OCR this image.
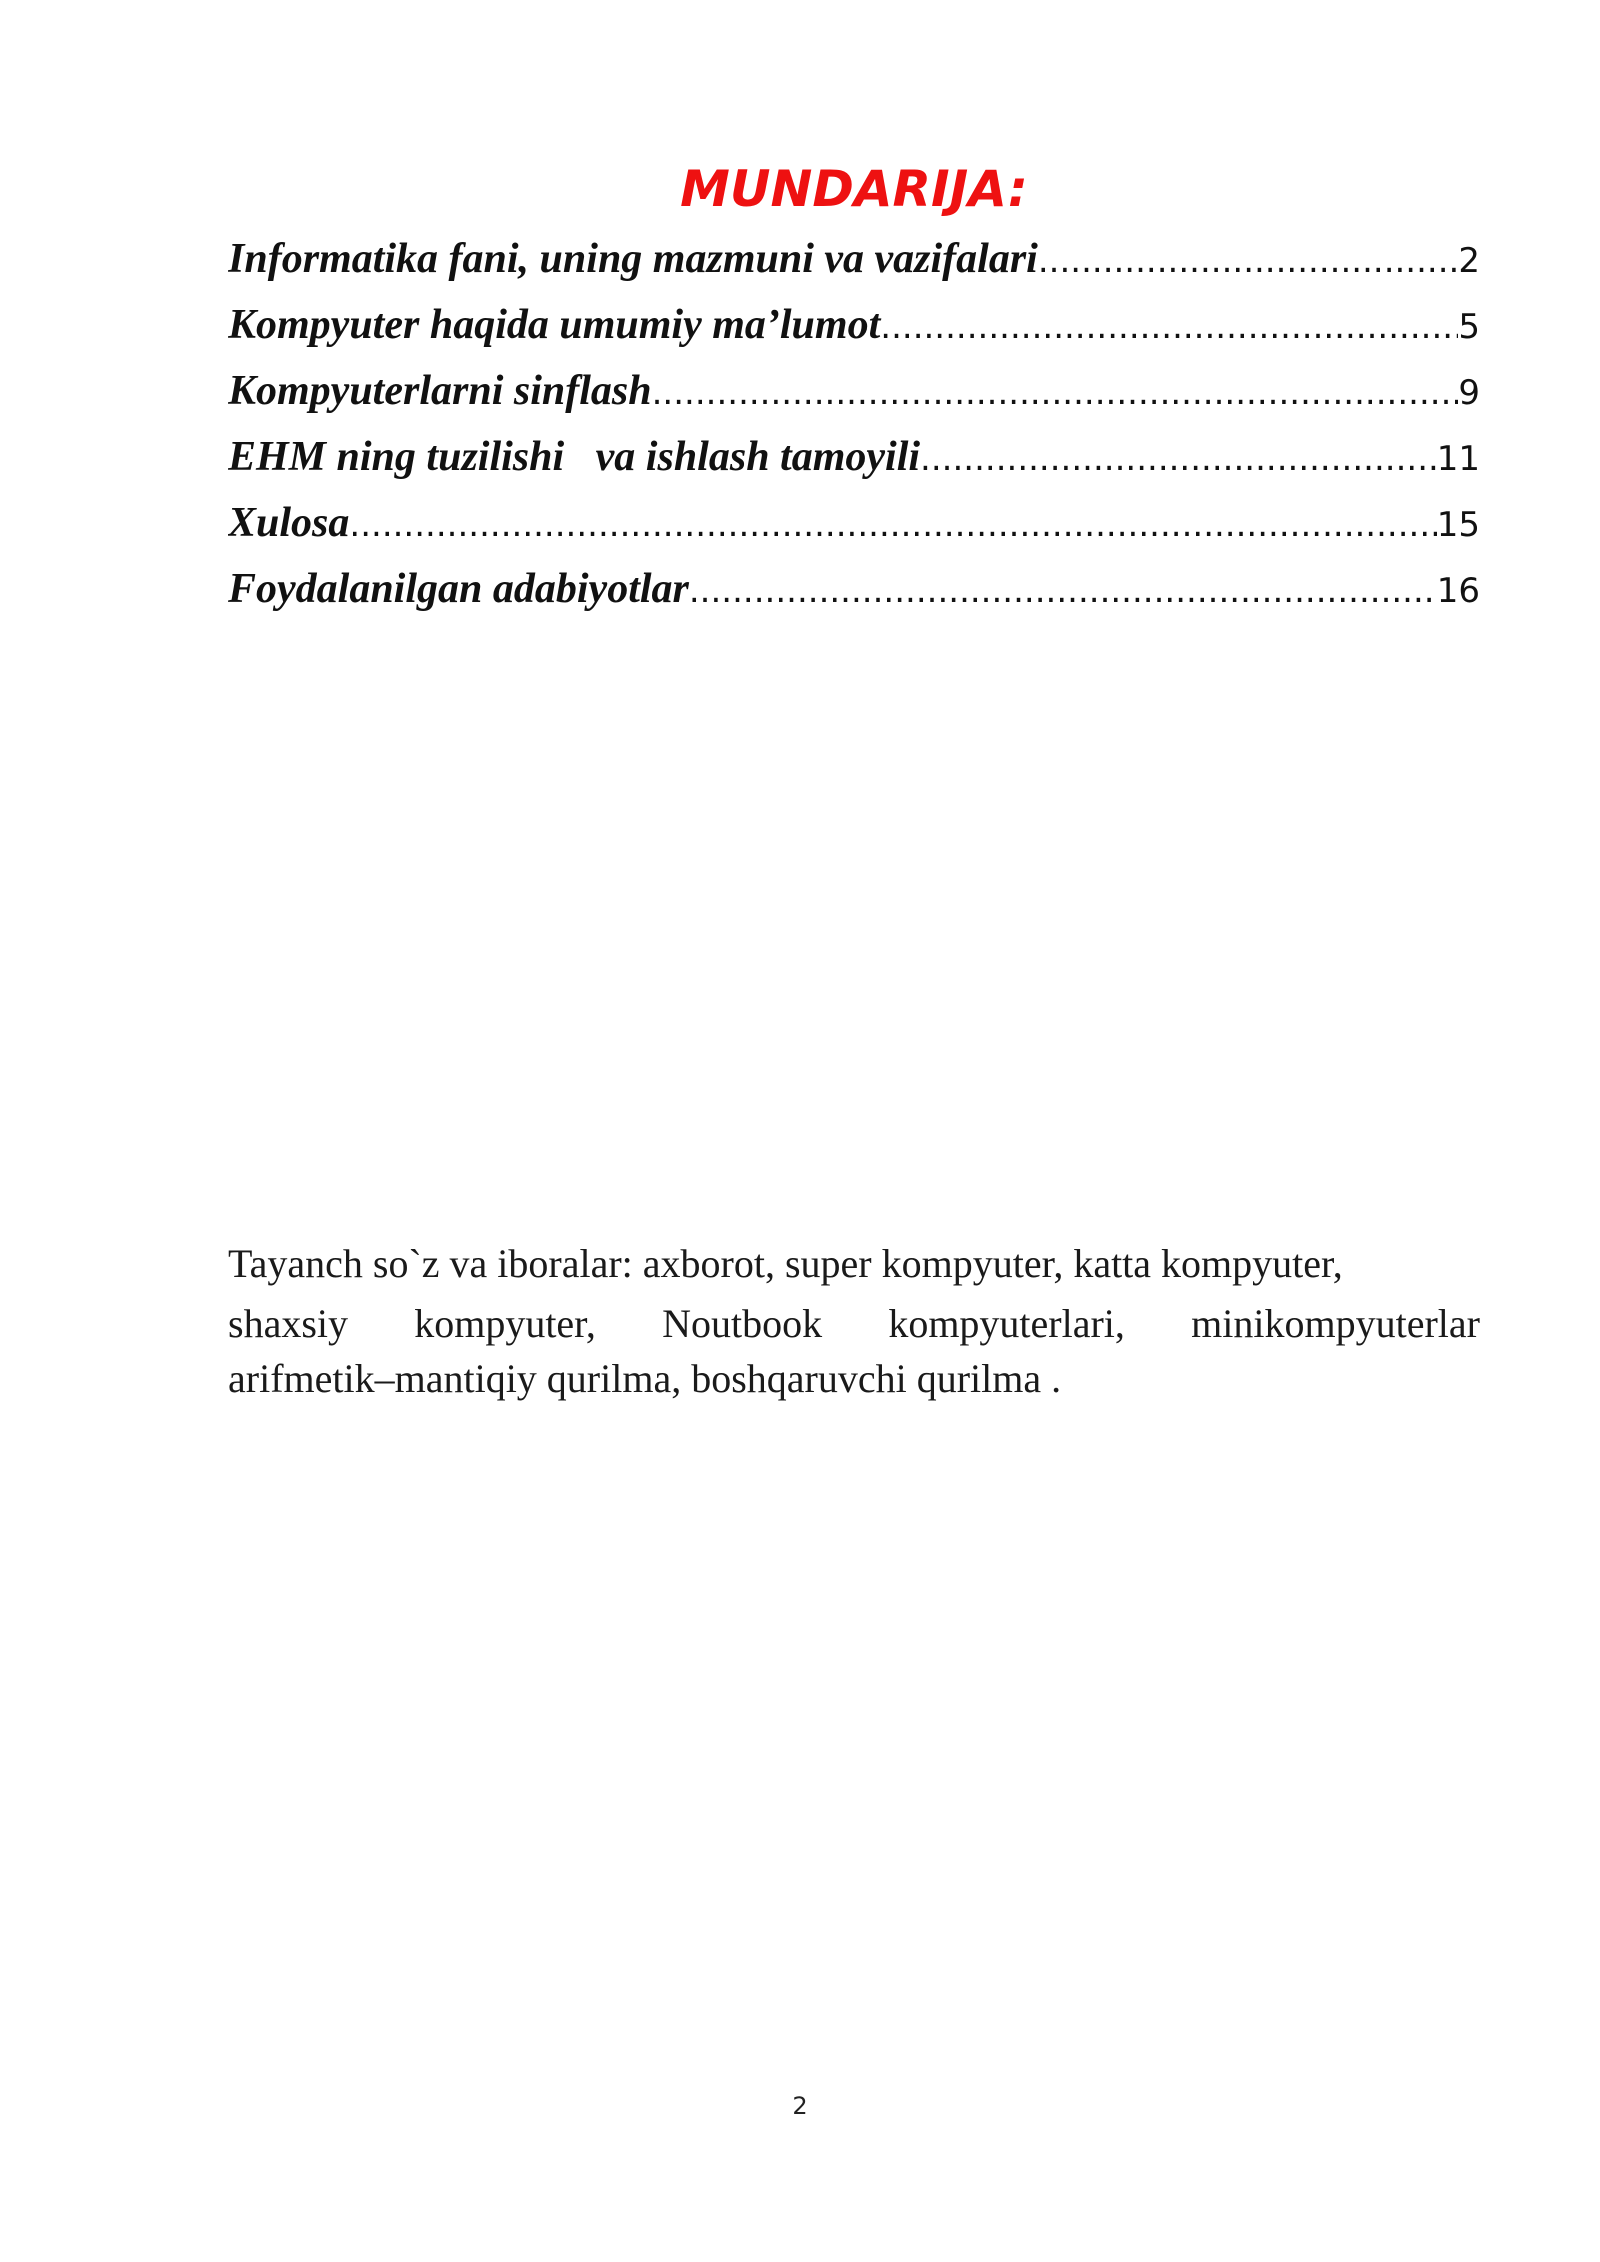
MUNDARIJA:
Informatika fani, uning mazmuni va vazifalari .....	2
Kompyuter haqida umumiy ma’lumot .....	5
Kompyuterlarni sinflash .....	9
EHM ning tuzilishi   va ishlash tamoyili .....	11
Xulosa .....	15
Foydalanilgan adabiyotlar .....	16
Tayanch so`z va iboralar: axborot, super kompyuter, katta kompyuter,
shaxsiy kompyuter, Noutbook kompyuterlari, minikompyuterlar
arifmetik–mantiqiy qurilma, boshqaruvchi qurilma .
2
